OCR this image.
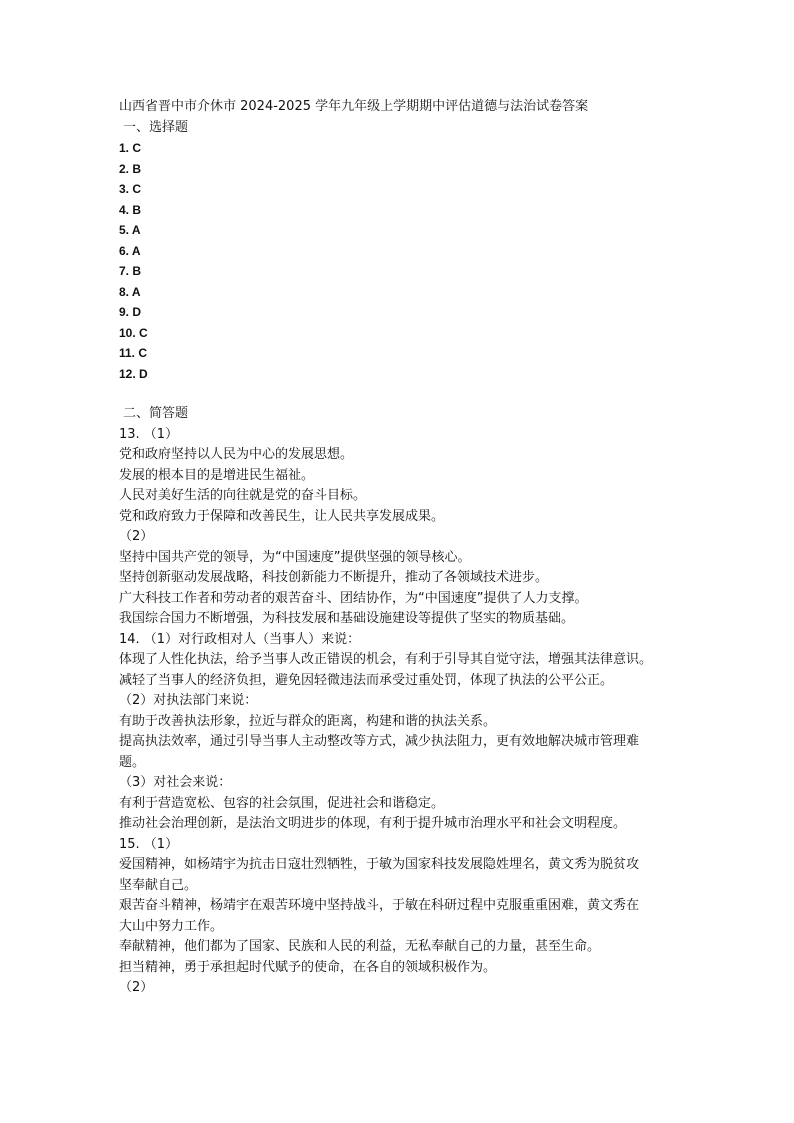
山西省晋中市介休市 2024-2025 学年九年级上学期期中评估道德与法治试卷答案
一、选择题
1. C
2. B
3. C
4. B
5. A
6. A
7. B
8. A
9. D
10. C
11. C
12. D
二、简答题
13. （1）
党和政府坚持以人民为中心的发展思想。
发展的根本目的是增进民生福祉。
人民对美好生活的向往就是党的奋斗目标。
党和政府致力于保障和改善民生，让人民共享发展成果。
（2）
坚持中国共产党的领导，为“中国速度”提供坚强的领导核心。
坚持创新驱动发展战略，科技创新能力不断提升，推动了各领域技术进步。
广大科技工作者和劳动者的艰苦奋斗、团结协作，为“中国速度”提供了人力支撑。
我国综合国力不断增强，为科技发展和基础设施建设等提供了坚实的物质基础。
14. （1）对行政相对人（当事人）来说：
体现了人性化执法，给予当事人改正错误的机会，有利于引导其自觉守法，增强其法律意识。
减轻了当事人的经济负担，避免因轻微违法而承受过重处罚，体现了执法的公平公正。
（2）对执法部门来说：
有助于改善执法形象，拉近与群众的距离，构建和谐的执法关系。
提高执法效率，通过引导当事人主动整改等方式，减少执法阻力，更有效地解决城市管理难
题。
（3）对社会来说：
有利于营造宽松、包容的社会氛围，促进社会和谐稳定。
推动社会治理创新，是法治文明进步的体现，有利于提升城市治理水平和社会文明程度。
15. （1）
爱国精神，如杨靖宇为抗击日寇壮烈牺牲，于敏为国家科技发展隐姓埋名，黄文秀为脱贫攻
坚奉献自己。
艰苦奋斗精神，杨靖宇在艰苦环境中坚持战斗，于敏在科研过程中克服重重困难，黄文秀在
大山中努力工作。
奉献精神，他们都为了国家、民族和人民的利益，无私奉献自己的力量，甚至生命。
担当精神，勇于承担起时代赋予的使命，在各自的领域积极作为。
（2）
